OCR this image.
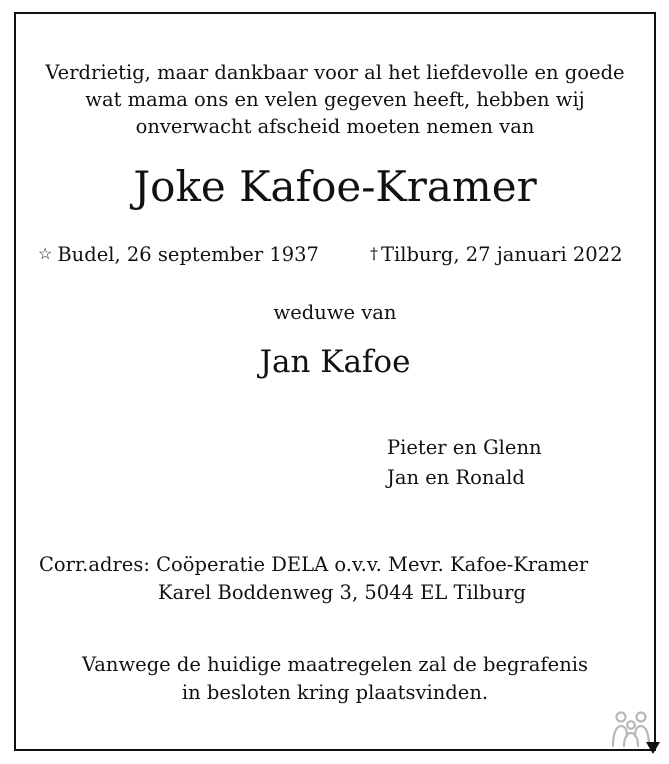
Verdrietig, maar dankbaar voor al het liefdevolle en goede
wat mama ons en velen gegeven heeft, hebben wij
onverwacht afscheid moeten nemen van
Joke Kafoe-Kramer
☆ Budel, 26 september 1937	† Tilburg, 27 januari 2022
weduwe van
Jan Kafoe
Pieter en Glenn
Jan en Ronald
Corr.adres: Coöperatie DELA o.v.v. Mevr. Kafoe-Kramer
Karel Boddenweg 3, 5044 EL Tilburg
Vanwege de huidige maatregelen zal de begrafenis
in besloten kring plaatsvinden.
